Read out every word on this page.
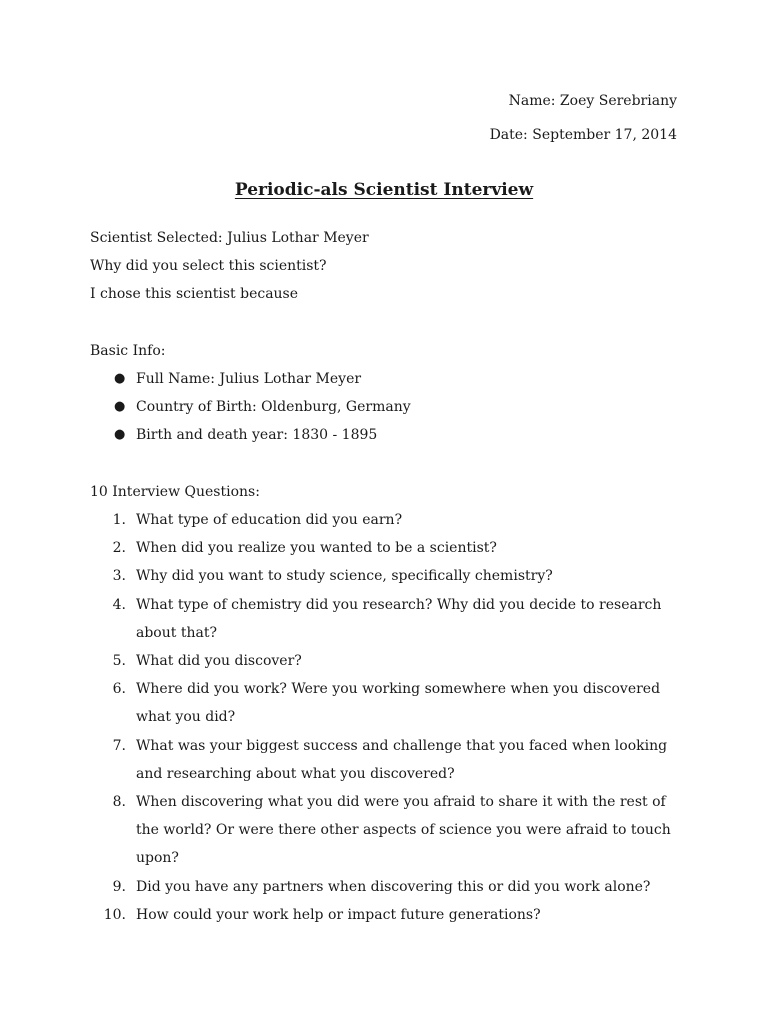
Name: Zoey Serebriany
Date: September 17, 2014
Periodic-als Scientist Interview

Scientist Selected: Julius Lothar Meyer

Why did you select this scientist?

I chose this scientist because

Basic Info:

● Full Name: Julius Lothar Meyer
● Country of Birth: Oldenburg, Germany
● Birth and death year: 1830 - 1895

10 Interview Questions:

1. What type of education did you earn?
2. When did you realize you wanted to be a scientist?
3. Why did you want to study science, specifically chemistry?
4. What type of chemistry did you research? Why did you decide to research about that?
5. What did you discover?
6. Where did you work? Were you working somewhere when you discovered what you did?
7. What was your biggest success and challenge that you faced when looking and researching about what you discovered?
8. When discovering what you did were you afraid to share it with the rest of the world? Or were there other aspects of science you were afraid to touch upon?
9. Did you have any partners when discovering this or did you work alone?
10. How could your work help or impact future generations?
